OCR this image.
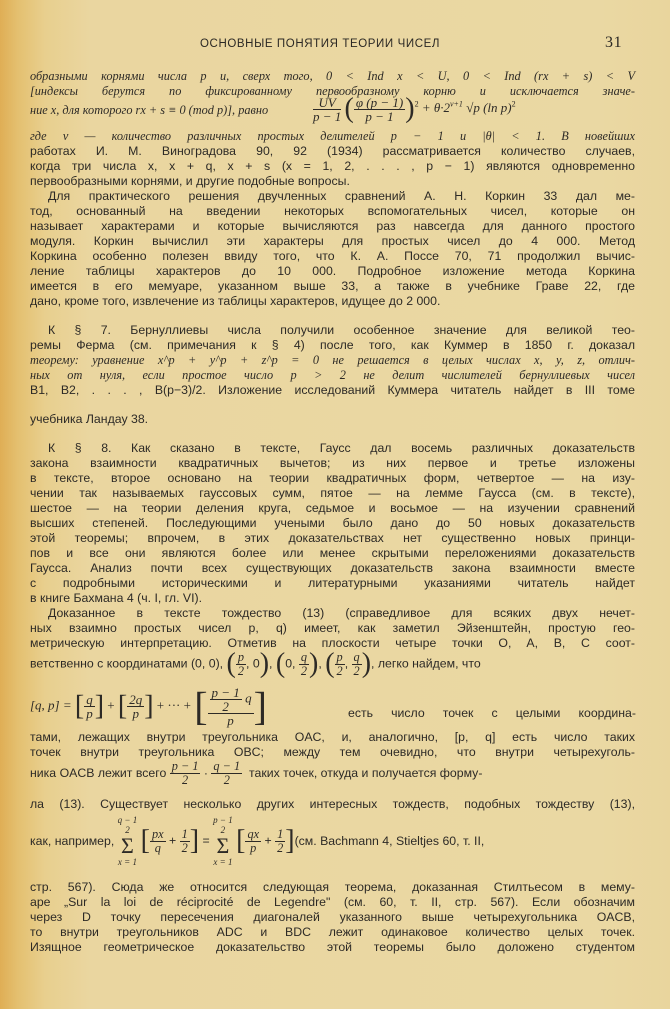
ОСНОВНЫЕ ПОНЯТИЯ ТЕОРИИ ЧИСЕЛ	31
образными корнями числа p и, сверх того, 0 < Ind x < U, 0 < Ind (rx + s) < V
[индексы берутся по фиксированному первообразному корню и исключается значе-
ние x, для которого rx + s ≡ 0 (mod p)], равно	$\frac{UV}{p - 1}$ ( $\frac{\varphi (p - 1)}{p - 1} )^2 + \theta\cdot 2^{\nu+1}$ √p (ln p)$^2$
где ν — количество различных простых делителей p − 1 и |θ| < 1. В новейших
работах И. М. Виноградова 90, 92 (1934) рассматривается количество случаев,
когда три числа x, x + q, x + s (x = 1, 2, . . . , p − 1) являются одновременно
первообразными корнями, и другие подобные вопросы.
Для практического решения двучленных сравнений А. Н. Коркин 33 дал ме-
тод, основанный на введении некоторых вспомогательных чисел, которые он
называет характерами и которые вычисляются раз навсегда для данного простого
модуля. Коркин вычислил эти характеры для простых чисел до 4 000. Метод
Коркина особенно полезен ввиду того, что К. А. Поссе 70, 71 продолжил вычис-
ление таблицы характеров до 10 000. Подробное изложение метода Коркина
имеется в его мемуаре, указанном выше 33, а также в учебнике Граве 22, где
дано, кроме того, извлечение из таблицы характеров, идущее до 2 000.
К § 7. Бернуллиевы числа получили особенное значение для великой тео-
ремы Ферма (см. примечания к § 4) после того, как Куммер в 1850 г. доказал
теорему: уравнение x^p + y^p + z^p = 0 не решается в целых числах x, y, z, отлич-
ных от нуля, если простое число p > 2 не делит числителей бернуллиевых чисел
B1, B2, . . . , B(p−3)/2. Изложение исследований Куммера читатель найдет в III томе
учебника Ландау 38.
К § 8. Как сказано в тексте, Гаусс дал восемь различных доказательств
закона взаимности квадратичных вычетов; из них первое и третье изложены
в тексте, второе основано на теории квадратичных форм, четвертое — на изу-
чении так называемых гауссовых сумм, пятое — на лемме Гаусса (см. в тексте),
шестое — на теории деления круга, седьмое и восьмое — на изучении сравнений
высших степеней. Последующими учеными было дано до 50 новых доказательств
этой теоремы; впрочем, в этих доказательствах нет существенно новых принци-
пов и все они являются более или менее скрытыми переложениями доказательств
Гаусса. Анализ почти всех существующих доказательств закона взаимности вместе
с подробными историческими и литературными указаниями читатель найдет
в книге Бахмана 4 (ч. I, гл. VI).
Доказанное в тексте тождество (13) (справедливое для всяких двух нечет-
ных взаимно простых чисел p, q) имеет, как заметил Эйзенштейн, простую гео-
метрическую интерпретацию. Отметив на плоскости четыре точки O, A, B, C соот-
ветственно с координатами (0, 0), ( $\frac{p}{2}$ , 0), (0, $\frac{q}{2}$ ), ( $\frac{p}{2}$ , $\frac{q}{2}$ ), легко найдем, что
[q, p] = [ $\frac{q}{p}$ ] + [ $\frac{2q}{p}$ ] + ··· + [ $\frac{\frac{p - 1}{2} q}{p}$ ]	есть число точек с целыми координа-
тами, лежащих внутри треугольника OAC, и, аналогично, [p, q] есть число таких
точек внутри треугольника OBC; между тем очевидно, что внутри четырехуголь-
ника OACB лежит всего $\frac{p - 1}{2} \cdot \frac{q - 1}{2}$ таких точек, откуда и получается форму-
ла (13). Существует несколько других интересных тождеств, подобных тождеству (13),
как, например,
q − 1
2
Σ
x = 1
[ $\frac{px}{q} + \frac{1}{2}$ ] =
p − 1
2
Σ
x = 1
[ $\frac{qx}{p} + \frac{1}{2} ](см$. Bachmann 4, Stieltjes 60, т. II,
стр. 567). Сюда же относится следующая теорема, доказанная Стилтьесом в мему-
аре „Sur la loi de réciprocité de Legendre" (см. 60, т. II, стр. 567). Если обозначим
через D точку пересечения диагоналей указанного выше четырехугольника OACB,
то внутри треугольников ADC и BDC лежит одинаковое количество целых точек.
Изящное геометрическое доказательство этой теоремы было доложено студентом
